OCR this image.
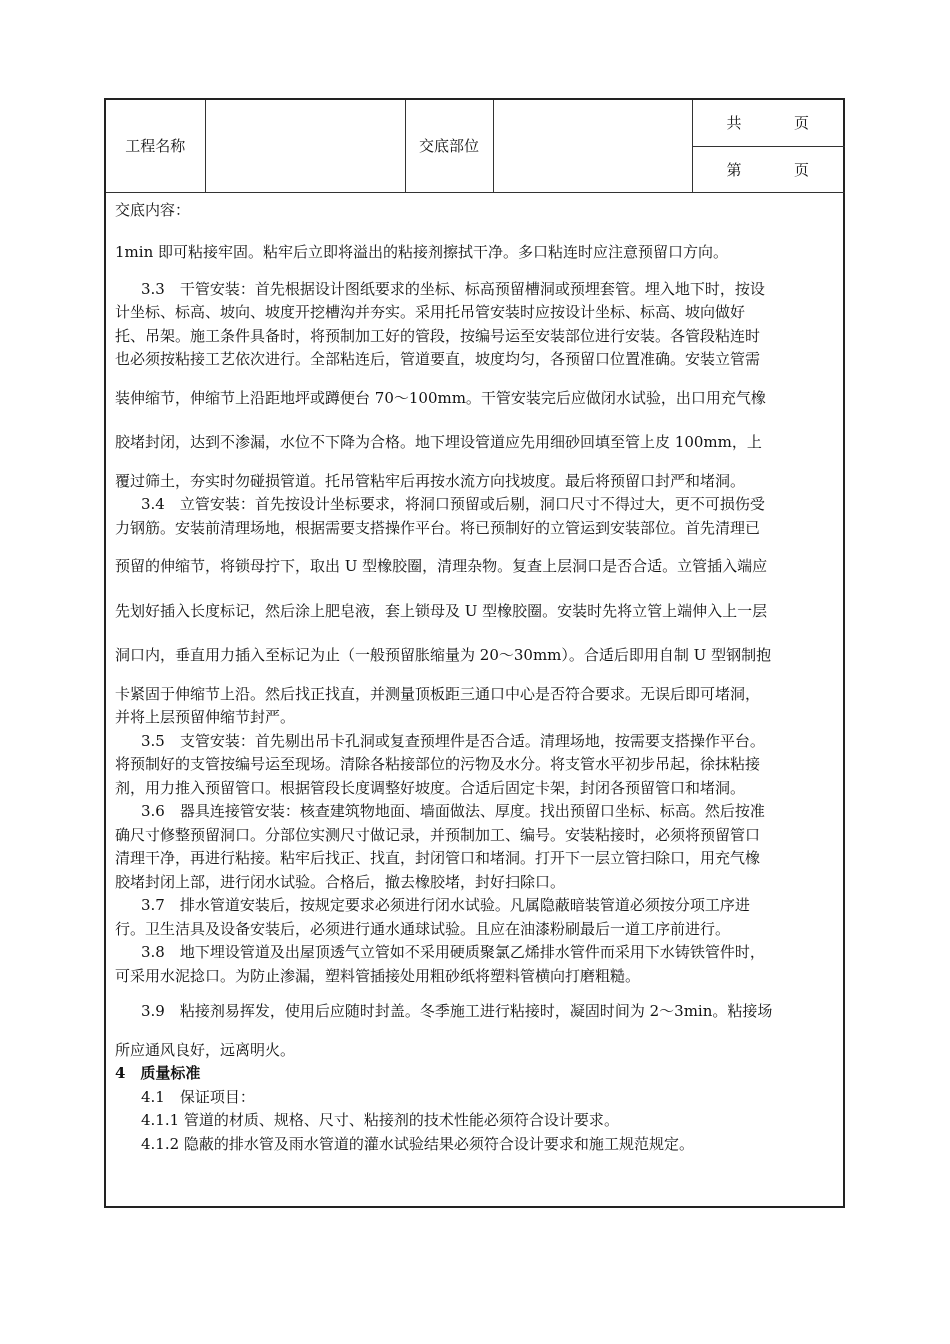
工程名称		交底部位		
共	页

第	页

交底内容：

1min 即可粘接牢固。粘牢后立即将溢出的粘接剂擦拭干净。多口粘连时应注意预留口方向。

3.3　干管安装：首先根据设计图纸要求的坐标、标高预留槽洞或预埋套管。埋入地下时，按设

计坐标、标高、坡向、坡度开挖槽沟并夯实。采用托吊管安装时应按设计坐标、标高、坡向做好

托、吊架。施工条件具备时，将预制加工好的管段，按编号运至安装部位进行安装。各管段粘连时

也必须按粘接工艺依次进行。全部粘连后，管道要直，坡度均匀，各预留口位置准确。安装立管需

装伸缩节，伸缩节上沿距地坪或蹲便台 70～100mm。干管安装完后应做闭水试验，出口用充气橡

胶堵封闭，达到不渗漏，水位不下降为合格。地下埋设管道应先用细砂回填至管上皮 100mm，上

覆过筛土，夯实时勿碰损管道。托吊管粘牢后再按水流方向找坡度。最后将预留口封严和堵洞。

3.4　立管安装：首先按设计坐标要求，将洞口预留或后剔，洞口尺寸不得过大，更不可损伤受

力钢筋。安装前清理场地，根据需要支搭操作平台。将已预制好的立管运到安装部位。首先清理已

预留的伸缩节，将锁母拧下，取出 U 型橡胶圈，清理杂物。复查上层洞口是否合适。立管插入端应

先划好插入长度标记，然后涂上肥皂液，套上锁母及 U 型橡胶圈。安装时先将立管上端伸入上一层

洞口内，垂直用力插入至标记为止（一般预留胀缩量为 20～30mm）。合适后即用自制 U 型钢制抱

卡紧固于伸缩节上沿。然后找正找直，并测量顶板距三通口中心是否符合要求。无误后即可堵洞，

并将上层预留伸缩节封严。

3.5　支管安装：首先剔出吊卡孔洞或复查预埋件是否合适。清理场地，按需要支搭操作平台。

将预制好的支管按编号运至现场。清除各粘接部位的污物及水分。将支管水平初步吊起，徐抹粘接

剂，用力推入预留管口。根据管段长度调整好坡度。合适后固定卡架，封闭各预留管口和堵洞。

3.6　器具连接管安装：核查建筑物地面、墙面做法、厚度。找出预留口坐标、标高。然后按准

确尺寸修整预留洞口。分部位实测尺寸做记录，并预制加工、编号。安装粘接时，必须将预留管口

清理干净，再进行粘接。粘牢后找正、找直，封闭管口和堵洞。打开下一层立管扫除口，用充气橡

胶堵封闭上部，进行闭水试验。合格后，撤去橡胶堵，封好扫除口。

3.7　排水管道安装后，按规定要求必须进行闭水试验。凡属隐蔽暗装管道必须按分项工序进

行。卫生洁具及设备安装后，必须进行通水通球试验。且应在油漆粉刷最后一道工序前进行。

3.8　地下埋设管道及出屋顶透气立管如不采用硬质聚氯乙烯排水管件而采用下水铸铁管件时，

可采用水泥捻口。为防止渗漏，塑料管插接处用粗砂纸将塑料管横向打磨粗糙。

3.9　粘接剂易挥发，使用后应随时封盖。冬季施工进行粘接时，凝固时间为 2～3min。粘接场

所应通风良好，远离明火。

4　质量标准

4.1　保证项目：

4.1.1 管道的材质、规格、尺寸、粘接剂的技术性能必须符合设计要求。

4.1.2 隐蔽的排水管及雨水管道的灌水试验结果必须符合设计要求和施工规范规定。
